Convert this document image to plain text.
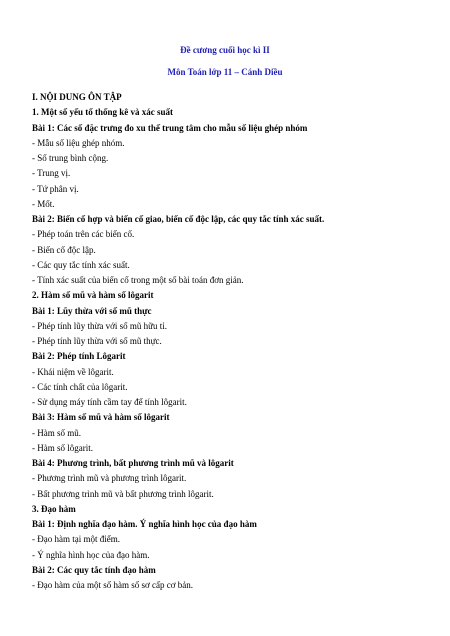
Đề cương cuối học kì II
Môn Toán lớp 11 – Cánh Diều
I. NỘI DUNG ÔN TẬP
1. Một số yếu tố thống kê và xác suất
Bài 1: Các số đặc trưng đo xu thế trung tâm cho mẫu số liệu ghép nhóm
- Mẫu số liệu ghép nhóm.
- Số trung bình cộng.
- Trung vị.
- Tứ phân vị.
- Mốt.
Bài 2: Biến cố hợp và biến cố giao, biến cố độc lập, các quy tắc tính xác suất.
- Phép toán trên các biến cố.
- Biến cố độc lập.
- Các quy tắc tính xác suất.
- Tính xác suất của biến cố trong một số bài toán đơn giản.
2. Hàm số mũ và hàm số lôgarit
Bài 1: Lũy thừa với số mũ thực
- Phép tính lũy thừa với số mũ hữu tỉ.
- Phép tính lũy thừa với số mũ thực.
Bài 2: Phép tính Lôgarit
- Khái niệm về lôgarit.
- Các tính chất của lôgarit.
- Sử dụng máy tính cầm tay để tính lôgarit.
Bài 3: Hàm số mũ và hàm số lôgarit
- Hàm số mũ.
- Hàm số lôgarit.
Bài 4: Phương trình, bất phương trình mũ và lôgarit
- Phương trình mũ và phương trình lôgarit.
- Bất phương trình mũ và bất phương trình lôgarit.
3. Đạo hàm
Bài 1: Định nghĩa đạo hàm. Ý nghĩa hình học của đạo hàm
- Đạo hàm tại một điểm.
- Ý nghĩa hình học của đạo hàm.
Bài 2: Các quy tắc tính đạo hàm
- Đạo hàm của một số hàm số sơ cấp cơ bản.
